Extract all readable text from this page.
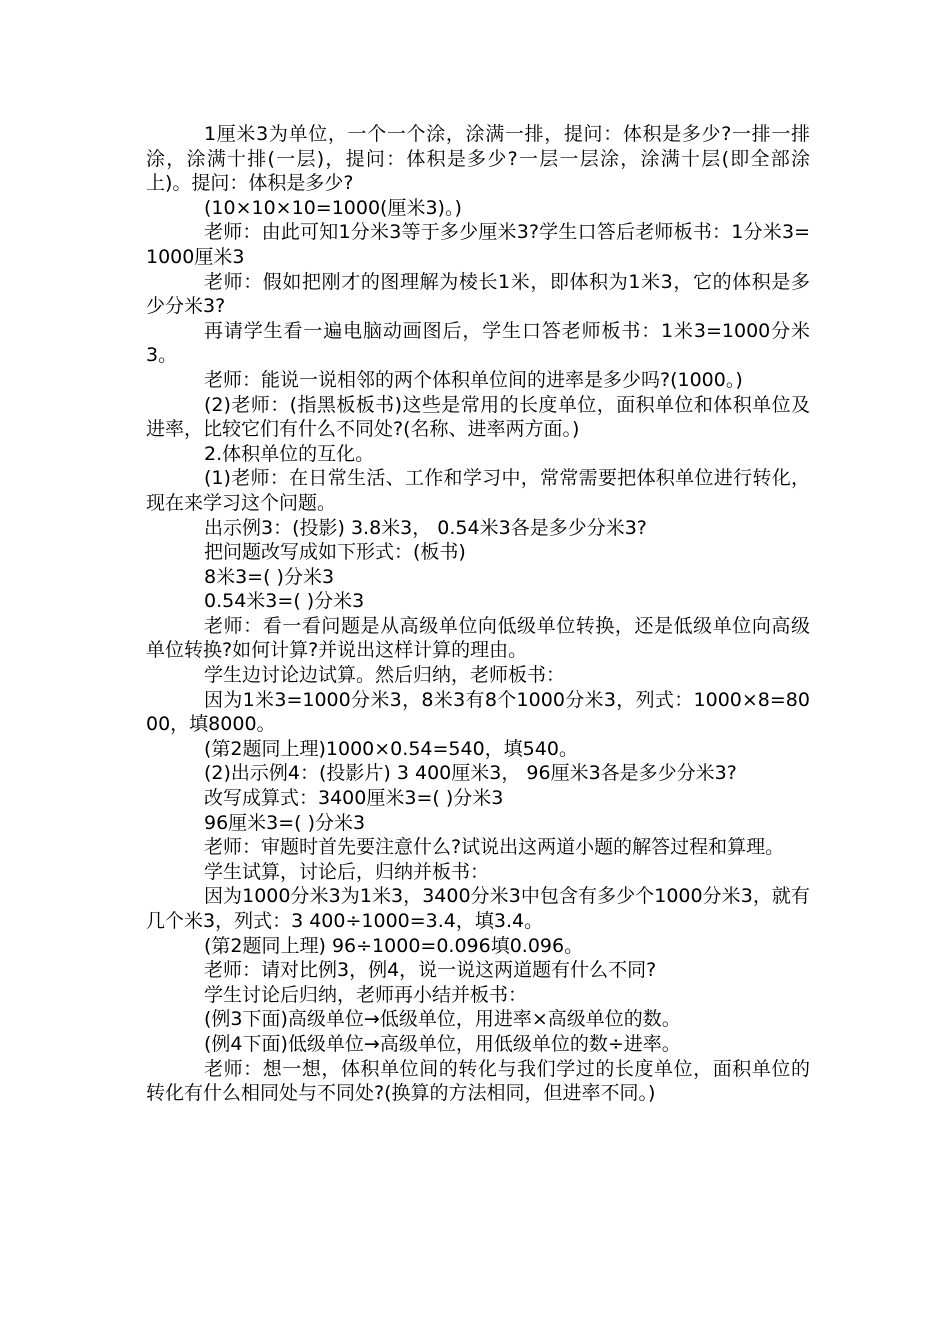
1厘米3为单位，一个一个涂，涂满一排，提问：体积是多少?一排一排涂，涂满十排(一层)，提问：体积是多少?一层一层涂，涂满十层(即全部涂上)。提问：体积是多少?

(10×10×10=1000(厘米3)。)

老师：由此可知1分米3等于多少厘米3?学生口答后老师板书：1分米3=1000厘米3

老师：假如把刚才的图理解为棱长1米，即体积为1米3，它的体积是多少分米3?

再请学生看一遍电脑动画图后，学生口答老师板书：1米3=1000分米3。

老师：能说一说相邻的两个体积单位间的进率是多少吗?(1000。)

(2)老师：(指黑板板书)这些是常用的长度单位，面积单位和体积单位及进率，比较它们有什么不同处?(名称、进率两方面。)

2.体积单位的互化。

(1)老师：在日常生活、工作和学习中，常常需要把体积单位进行转化，现在来学习这个问题。

出示例3：(投影) 3.8米3， 0.54米3各是多少分米3?

把问题改写成如下形式：(板书)

8米3=( )分米3

0.54米3=( )分米3

老师：看一看问题是从高级单位向低级单位转换，还是低级单位向高级单位转换?如何计算?并说出这样计算的理由。

学生边讨论边试算。然后归纳，老师板书：

因为1米3=1000分米3，8米3有8个1000分米3，列式：1000×8=8000，填8000。

(第2题同上理)1000×0.54=540，填540。

(2)出示例4：(投影片) 3 400厘米3， 96厘米3各是多少分米3?

改写成算式：3400厘米3=( )分米3

96厘米3=( )分米3

老师：审题时首先要注意什么?试说出这两道小题的解答过程和算理。

学生试算，讨论后，归纳并板书：

因为1000分米3为1米3，3400分米3中包含有多少个1000分米3，就有几个米3，列式：3 400÷1000=3.4，填3.4。

(第2题同上理) 96÷1000=0.096填0.096。

老师：请对比例3，例4，说一说这两道题有什么不同?

学生讨论后归纳，老师再小结并板书：

(例3下面)高级单位→低级单位，用进率×高级单位的数。

(例4下面)低级单位→高级单位，用低级单位的数÷进率。

老师：想一想，体积单位间的转化与我们学过的长度单位，面积单位的转化有什么相同处与不同处?(换算的方法相同，但进率不同。)
